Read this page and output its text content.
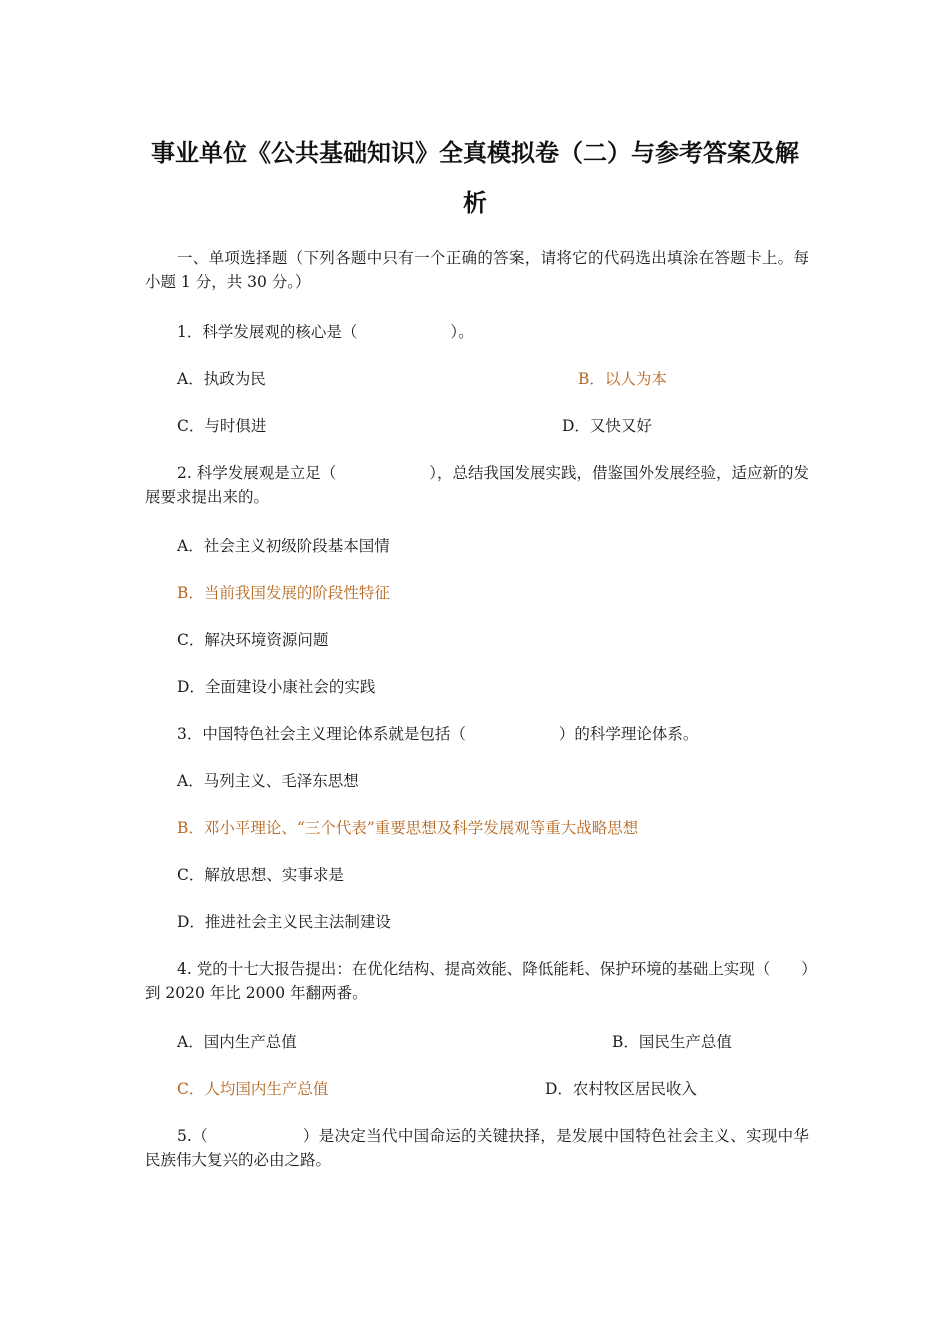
事业单位《公共基础知识》全真模拟卷（二）与参考答案及解
析
一、单项选择题（下列各题中只有一个正确的答案，请将它的代码选出填涂在答题卡上。每小题 1 分，共 30 分。）
1．科学发展观的核心是（　　　　　　）。
A．执政为民	B．以人为本
C．与时俱进	D．又快又好
2. 科学发展观是立足（　　　　　　），总结我国发展实践，借鉴国外发展经验，适应新的发展要求提出来的。
A．社会主义初级阶段基本国情
B．当前我国发展的阶段性特征
C．解决环境资源问题
D．全面建设小康社会的实践
3．中国特色社会主义理论体系就是包括（　　　　　　）的科学理论体系。
A．马列主义、毛泽东思想
B．邓小平理论、“三个代表”重要思想及科学发展观等重大战略思想
C．解放思想、实事求是
D．推进社会主义民主法制建设
4. 党的十七大报告提出：在优化结构、提高效能、降低能耗、保护环境的基础上实现（　　）到 2020 年比 2000 年翻两番。
A．国内生产总值	B．国民生产总值
C．人均国内生产总值	D．农村牧区居民收入
5.（　　　　　　）是决定当代中国命运的关键抉择，是发展中国特色社会主义、实现中华民族伟大复兴的必由之路。
